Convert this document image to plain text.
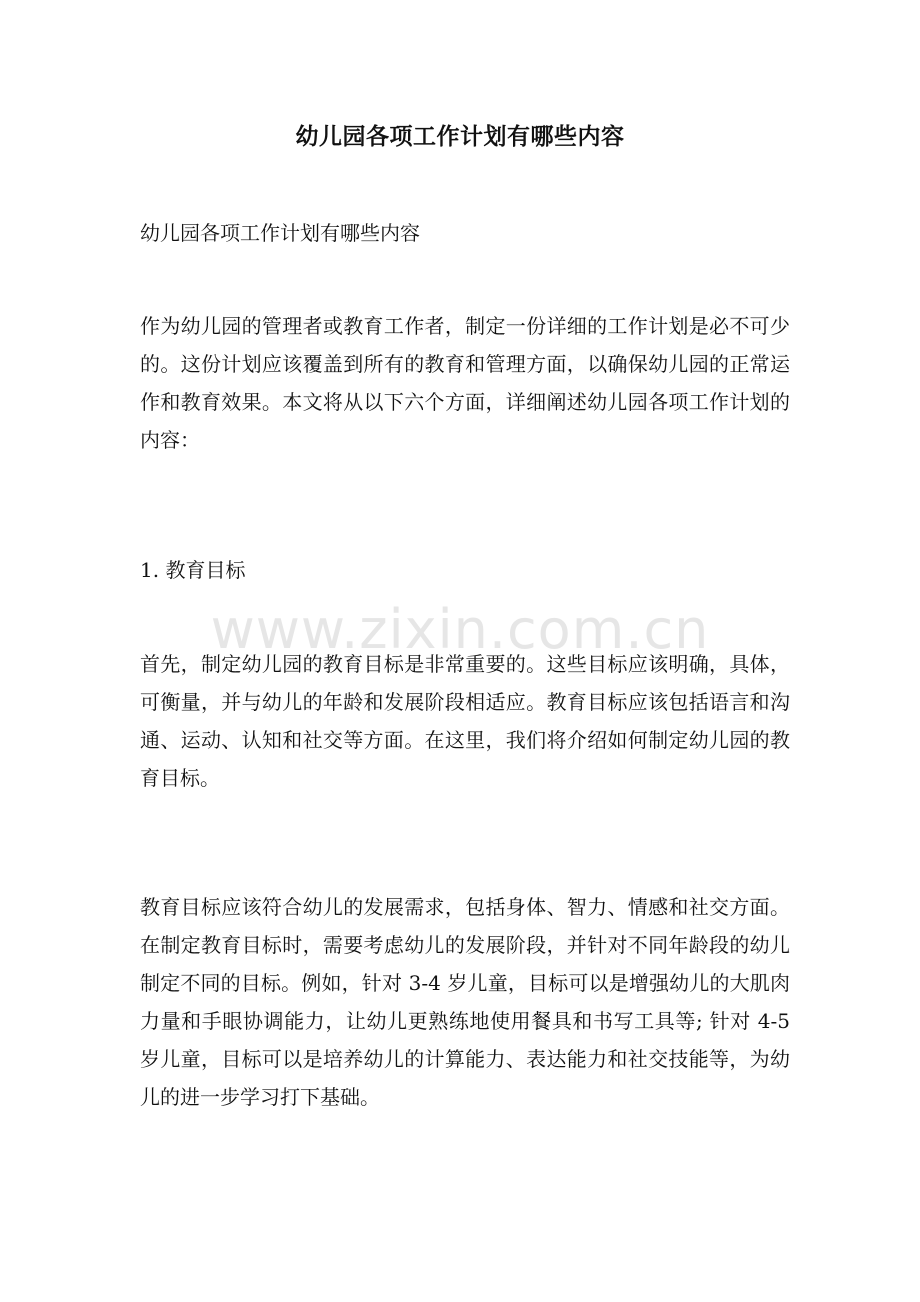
幼儿园各项工作计划有哪些内容

幼儿园各项工作计划有哪些内容

作为幼儿园的管理者或教育工作者，制定一份详细的工作计划是必不可少的。这份计划应该覆盖到所有的教育和管理方面，以确保幼儿园的正常运作和教育效果。本文将从以下六个方面，详细阐述幼儿园各项工作计划的内容：

1. 教育目标

www.zixin.com.cn

首先，制定幼儿园的教育目标是非常重要的。这些目标应该明确，具体，可衡量，并与幼儿的年龄和发展阶段相适应。教育目标应该包括语言和沟通、运动、认知和社交等方面。在这里，我们将介绍如何制定幼儿园的教育目标。

教育目标应该符合幼儿的发展需求，包括身体、智力、情感和社交方面。在制定教育目标时，需要考虑幼儿的发展阶段，并针对不同年龄段的幼儿制定不同的目标。例如，针对 3-4 岁儿童，目标可以是增强幼儿的大肌肉力量和手眼协调能力，让幼儿更熟练地使用餐具和书写工具等; 针对 4-5 岁儿童，目标可以是培养幼儿的计算能力、表达能力和社交技能等，为幼儿的进一步学习打下基础。
